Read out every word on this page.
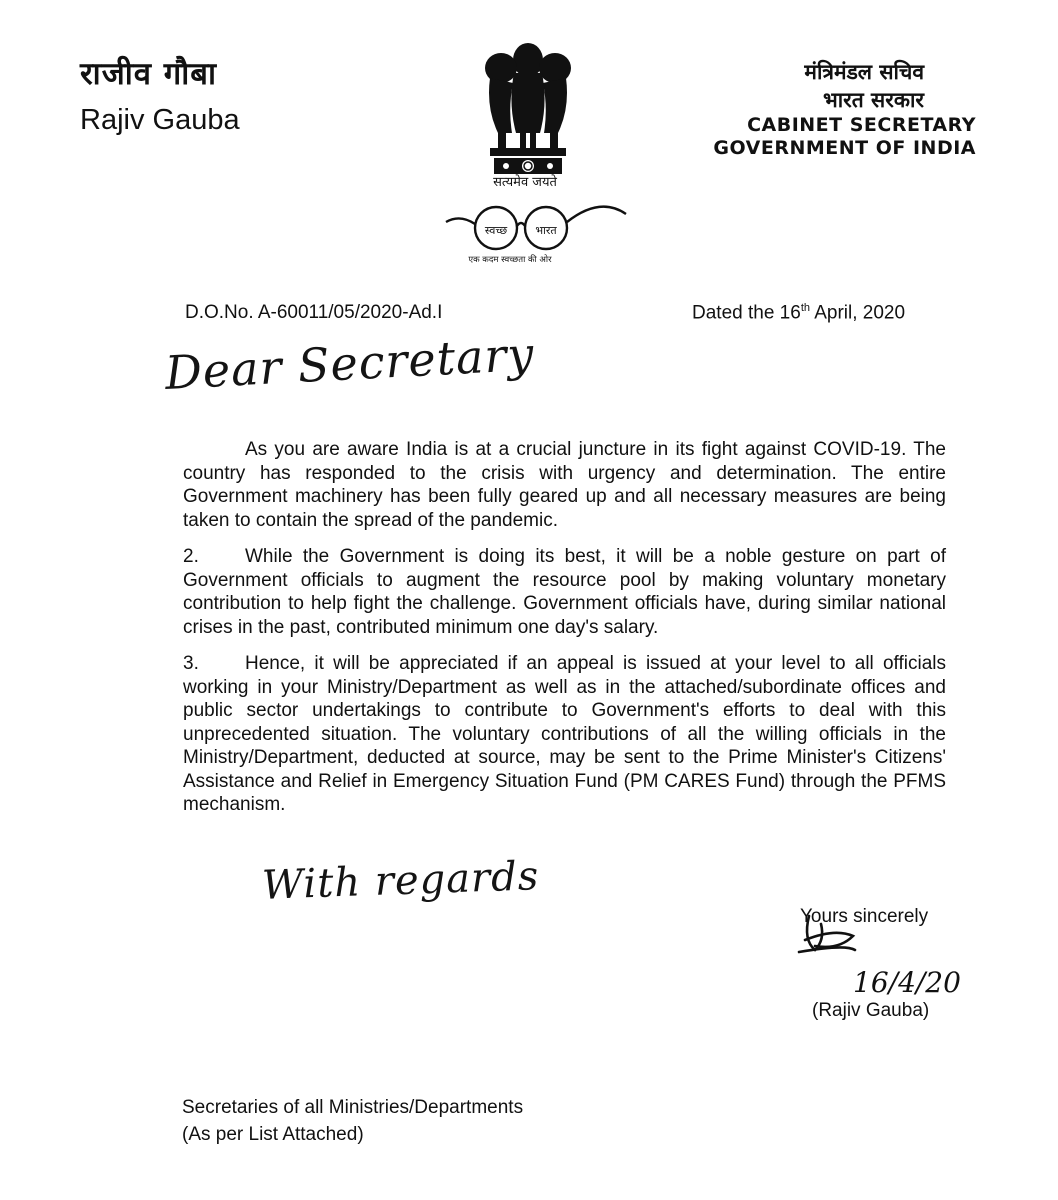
राजीव गौबा
Rajiv Gauba
सत्यमेव जयते
स्वच्छ	भारत
एक कदम स्वच्छता की ओर
मंत्रिमंडल सचिव
भारत सरकार
CABINET SECRETARY
GOVERNMENT OF INDIA
D.O.No. A-60011/05/2020-Ad.I	Dated the 16th April, 2020
Dear Secretary

As you are aware India is at a crucial juncture in its fight against COVID-19. The country has responded to the crisis with urgency and determination. The entire Government machinery has been fully geared up and all necessary measures are being taken to contain the spread of the pandemic.

2. While the Government is doing its best, it will be a noble gesture on part of Government officials to augment the resource pool by making voluntary monetary contribution to help fight the challenge. Government officials have, during similar national crises in the past, contributed minimum one day's salary.

3. Hence, it will be appreciated if an appeal is issued at your level to all officials working in your Ministry/Department as well as in the attached/subordinate offices and public sector undertakings to contribute to Government's efforts to deal with this unprecedented situation. The voluntary contributions of all the willing officials in the Ministry/Department, deducted at source, may be sent to the Prime Minister's Citizens' Assistance and Relief in Emergency Situation Fund (PM CARES Fund) through the PFMS mechanism.

With regards
Yours sincerely
16/4/20
(Rajiv Gauba)
Secretaries of all Ministries/Departments
(As per List Attached)
